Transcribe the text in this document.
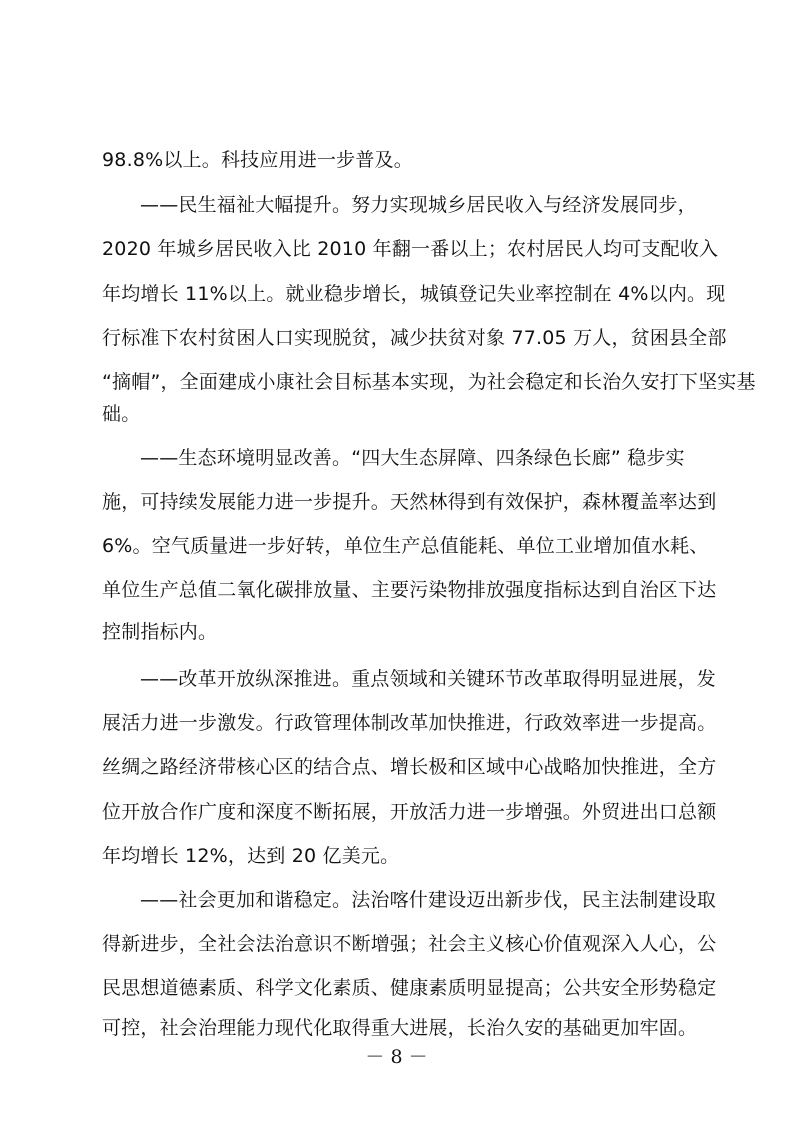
98.8%以上。科技应用进一步普及。
——民生福祉大幅提升。努力实现城乡居民收入与经济发展同步，
2020 年城乡居民收入比 2010 年翻一番以上；农村居民人均可支配收入
年均增长 11%以上。就业稳步增长，城镇登记失业率控制在 4%以内。现
行标准下农村贫困人口实现脱贫，减少扶贫对象 77.05 万人，贫困县全部
“摘帽”，全面建成小康社会目标基本实现，为社会稳定和长治久安打下坚实基
础。
——生态环境明显改善。“四大生态屏障、四条绿色长廊” 稳步实
施，可持续发展能力进一步提升。天然林得到有效保护，森林覆盖率达到
6%。空气质量进一步好转，单位生产总值能耗、单位工业增加值水耗、
单位生产总值二氧化碳排放量、主要污染物排放强度指标达到自治区下达
控制指标内。
——改革开放纵深推进。重点领域和关键环节改革取得明显进展，发
展活力进一步激发。行政管理体制改革加快推进，行政效率进一步提高。
丝绸之路经济带核心区的结合点、增长极和区域中心战略加快推进，全方
位开放合作广度和深度不断拓展，开放活力进一步增强。外贸进出口总额
年均增长 12%，达到 20 亿美元。
——社会更加和谐稳定。法治喀什建设迈出新步伐，民主法制建设取
得新进步，全社会法治意识不断增强；社会主义核心价值观深入人心，公
民思想道德素质、科学文化素质、健康素质明显提高；公共安全形势稳定
可控，社会治理能力现代化取得重大进展，长治久安的基础更加牢固。
－ 8 －
